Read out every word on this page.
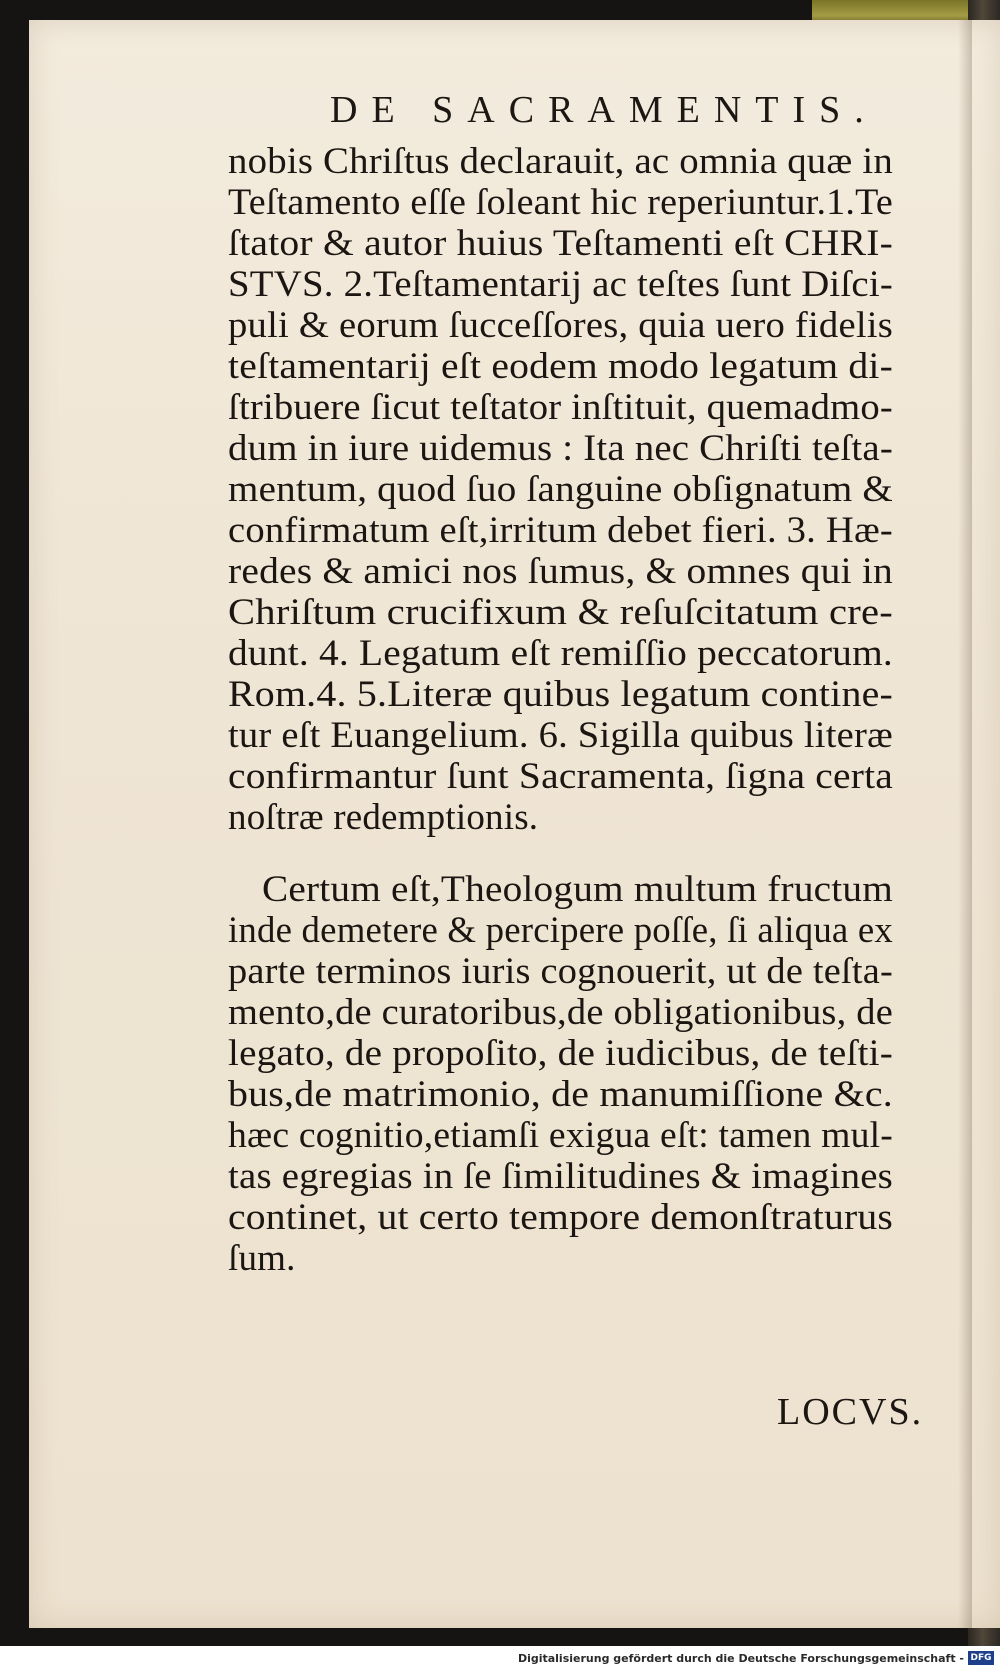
DE SACRAMENTIS.
nobis Chriſtus declarauit, ac omnia quæ in
Teſtamento eſſe ſoleant hic reperiuntur.1.Te
ſtator & autor huius Teſtamenti eſt CHRI-
STVS. 2.Teſtamentarij ac teſtes ſunt Diſci-
puli & eorum ſucceſſores, quia uero fidelis
teſtamentarij eſt eodem modo legatum di-
ſtribuere ſicut teſtator inſtituit, quemadmo-
dum in iure uidemus : Ita nec Chriſti teſta-
mentum, quod ſuo ſanguine obſignatum &
confirmatum eſt,irritum debet fieri. 3. Hæ-
redes & amici nos ſumus, & omnes qui in
Chriſtum crucifixum & reſuſcitatum cre-
dunt. 4. Legatum eſt remiſſio peccatorum.
Rom.4. 5.Literæ quibus legatum contine-
tur eſt Euangelium. 6. Sigilla quibus literæ
confirmantur ſunt Sacramenta, ſigna certa
noſtræ redemptionis.
Certum eſt,Theologum multum fructum
inde demetere & percipere poſſe, ſi aliqua ex
parte terminos iuris cognouerit, ut de teſta-
mento,de curatoribus,de obligationibus, de
legato, de propoſito, de iudicibus, de teſti-
bus,de matrimonio, de manumiſſione &c.
hæc cognitio,etiamſi exigua eſt: tamen mul-
tas egregias in ſe ſimilitudines & imagines
continet, ut certo tempore demonſtraturus
ſum.
LOCVS.
Digitalisierung gefördert durch die Deutsche Forschungsgemeinschaft - DFG
